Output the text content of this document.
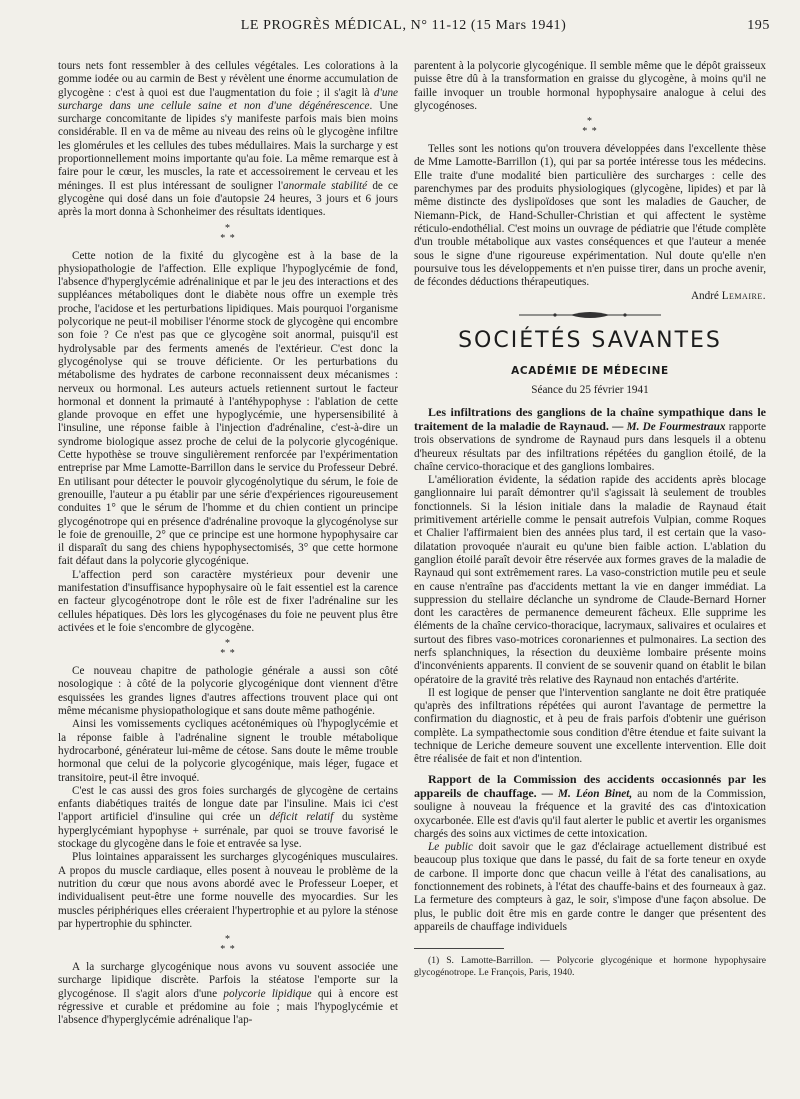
LE PROGRÈS MÉDICAL, N° 11-12 (15 Mars 1941)	195

tours nets font ressembler à des cellules végétales. Les colorations à la gomme iodée ou au carmin de Best y révèlent une énorme accumulation de glycogène : c'est à quoi est due l'augmentation du foie ; il s'agit là d'une surcharge dans une cellule saine et non d'une dégénérescence. Une surcharge concomitante de lipides s'y manifeste parfois mais bien moins considérable. Il en va de même au niveau des reins où le glycogène infiltre les glomérules et les cellules des tubes médullaires. Mais la surcharge y est proportionnellement moins importante qu'au foie. La même remarque est à faire pour le cœur, les muscles, la rate et accessoirement le cerveau et les méninges. Il est plus intéressant de souligner l'anormale stabilité de ce glycogène qui dosé dans un foie d'autopsie 24 heures, 3 jours et 6 jours après la mort donna à Schonheimer des résultats identiques.

*
* *

Cette notion de la fixité du glycogène est à la base de la physiopathologie de l'affection. Elle explique l'hypoglycémie de fond, l'absence d'hyperglycémie adrénalinique et par le jeu des interactions et des suppléances métaboliques dont le diabète nous offre un exemple très proche, l'acidose et les perturbations lipidiques. Mais pourquoi l'organisme polycorique ne peut-il mobiliser l'énorme stock de glycogène qui encombre son foie ? Ce n'est pas que ce glycogène soit anormal, puisqu'il est hydrolysable par des ferments amenés de l'extérieur. C'est donc la glycogénolyse qui se trouve déficiente. Or les perturbations du métabolisme des hydrates de carbone reconnaissent deux mécanismes : nerveux ou hormonal. Les auteurs actuels retiennent surtout le facteur hormonal et donnent la primauté à l'antéhypophyse : l'ablation de cette glande provoque en effet une hypoglycémie, une hypersensibilité à l'insuline, une réponse faible à l'injection d'adrénaline, c'est-à-dire un syndrome biologique assez proche de celui de la polycorie glycogénique. Cette hypothèse se trouve singulièrement renforcée par l'expérimentation entreprise par Mme Lamotte-Barrillon dans le service du Professeur Debré. En utilisant pour détecter le pouvoir glycogénolytique du sérum, le foie de grenouille, l'auteur a pu établir par une série d'expériences rigoureusement conduites 1° que le sérum de l'homme et du chien contient un principe glycogénotrope qui en présence d'adrénaline provoque la glycogénolyse sur le foie de grenouille, 2° que ce principe est une hormone hypophysaire car il disparaît du sang des chiens hypophysectomisés, 3° que cette hormone fait défaut dans la polycorie glycogénique.

L'affection perd son caractère mystérieux pour devenir une manifestation d'insuffisance hypophysaire où le fait essentiel est la carence en facteur glycogénotrope dont le rôle est de fixer l'adrénaline sur les cellules hépatiques. Dès lors les glycogénases du foie ne peuvent plus être activées et le foie s'encombre de glycogène.

*
* *

Ce nouveau chapitre de pathologie générale a aussi son côté nosologique : à côté de la polycorie glycogénique dont viennent d'être esquissées les grandes lignes d'autres affections trouvent place qui ont même mécanisme physiopathologique et sans doute même pathogénie.

Ainsi les vomissements cycliques acétonémiques où l'hypoglycémie et la réponse faible à l'adrénaline signent le trouble métabolique hydrocarboné, générateur lui-même de cétose. Sans doute le même trouble hormonal que celui de la polycorie glycogénique, mais léger, fugace et transitoire, peut-il être invoqué.

C'est le cas aussi des gros foies surchargés de glycogène de certains enfants diabétiques traités de longue date par l'insuline. Mais ici c'est l'apport artificiel d'insuline qui crée un déficit relatif du système hyperglycémiant hypophyse + surrénale, par quoi se trouve favorisé le stockage du glycogène dans le foie et entravée sa lyse.

Plus lointaines apparaissent les surcharges glycogéniques musculaires. A propos du muscle cardiaque, elles posent à nouveau le problème de la nutrition du cœur que nous avons abordé avec le Professeur Loeper, et individualisent peut-être une forme nouvelle des myocardies. Sur les muscles périphériques elles créeraient l'hypertrophie et au pylore la sténose par hypertrophie du sphincter.

*
* *

A la surcharge glycogénique nous avons vu souvent associée une surcharge lipidique discrète. Parfois la stéatose l'emporte sur la glycogénose. Il s'agit alors d'une polycorie lipidique qui à encore est régressive et curable et prédomine au foie ; mais l'hypoglycémie et l'absence d'hyperglycémie adrénalique l'ap-

parentent à la polycorie glycogénique. Il semble même que le dépôt graisseux puisse être dû à la transformation en graisse du glycogène, à moins qu'il ne faille invoquer un trouble hormonal hypophysaire analogue à celui des glycogénoses.

*
* *

Telles sont les notions qu'on trouvera développées dans l'excellente thèse de Mme Lamotte-Barrillon (1), qui par sa portée intéresse tous les médecins. Elle traite d'une modalité bien particulière des surcharges : celle des parenchymes par des produits physiologiques (glycogène, lipides) et par là même distincte des dyslipoïdoses que sont les maladies de Gaucher, de Niemann-Pick, de Hand-Schuller-Christian et qui affectent le système réticulo-endothélial. C'est moins un ouvrage de pédiatrie que l'étude complète d'un trouble métabolique aux vastes conséquences et que l'auteur a menée sous le signe d'une rigoureuse expérimentation. Nul doute qu'elle n'en poursuive tous les développements et n'en puisse tirer, dans un proche avenir, de fécondes déductions thérapeutiques.

André Lemaire.
SOCIÉTÉS SAVANTES
ACADÉMIE DE MÉDECINE
Séance du 25 février 1941

Les infiltrations des ganglions de la chaîne sympathique dans le traitement de la maladie de Raynaud. — M. De Fourmestraux rapporte trois observations de syndrome de Raynaud purs dans lesquels il a obtenu d'heureux résultats par des infiltrations répétées du ganglion étoilé, de la chaîne cervico-thoracique et des ganglions lombaires.

L'amélioration évidente, la sédation rapide des accidents après blocage ganglionnaire lui paraît démontrer qu'il s'agissait là seulement de troubles fonctionnels. Si la lésion initiale dans la maladie de Raynaud était primitivement artérielle comme le pensait autrefois Vulpian, comme Roques et Chalier l'affirmaient bien des années plus tard, il est certain que la vaso-dilatation provoquée n'aurait eu qu'une bien faible action. L'ablation du ganglion étoilé paraît devoir être réservée aux formes graves de la maladie de Raynaud qui sont extrêmement rares. La vaso-constriction mutile peu et seule en cause n'entraîne pas d'accidents mettant la vie en danger immédiat. La suppression du stellaire déclanche un syndrome de Claude-Bernard Horner dont les caractères de permanence demeurent fâcheux. Elle supprime les éléments de la chaîne cervico-thoracique, lacrymaux, salivaires et oculaires et surtout des fibres vaso-motrices coronariennes et pulmonaires. La section des nerfs splanchniques, la résection du deuxième lombaire présente moins d'inconvénients apparents. Il convient de se souvenir quand on établit le bilan opératoire de la gravité très relative des Raynaud non entachés d'artérite.

Il est logique de penser que l'intervention sanglante ne doit être pratiquée qu'après des infiltrations répétées qui auront l'avantage de permettre la confirmation du diagnostic, et à peu de frais parfois d'obtenir une guérison complète. La sympathectomie sous condition d'être étendue et faite suivant la technique de Leriche demeure souvent une excellente intervention. Elle doit être réalisée de fait et non d'intention.

Rapport de la Commission des accidents occasionnés par les appareils de chauffage. — M. Léon Binet, au nom de la Commission, souligne à nouveau la fréquence et la gravité des cas d'intoxication oxycarbonée. Elle est d'avis qu'il faut alerter le public et avertir les organismes chargés des soins aux victimes de cette intoxication.

Le public doit savoir que le gaz d'éclairage actuellement distribué est beaucoup plus toxique que dans le passé, du fait de sa forte teneur en oxyde de carbone. Il importe donc que chacun veille à l'état des canalisations, au fonctionnement des robinets, à l'état des chauffe-bains et des fourneaux à gaz. La fermeture des compteurs à gaz, le soir, s'impose d'une façon absolue. De plus, le public doit être mis en garde contre le danger que présentent des appareils de chauffage individuels

(1) S. Lamotte-Barrillon. — Polycorie glycogénique et hormone hypophysaire glycogénotrope. Le François, Paris, 1940.
